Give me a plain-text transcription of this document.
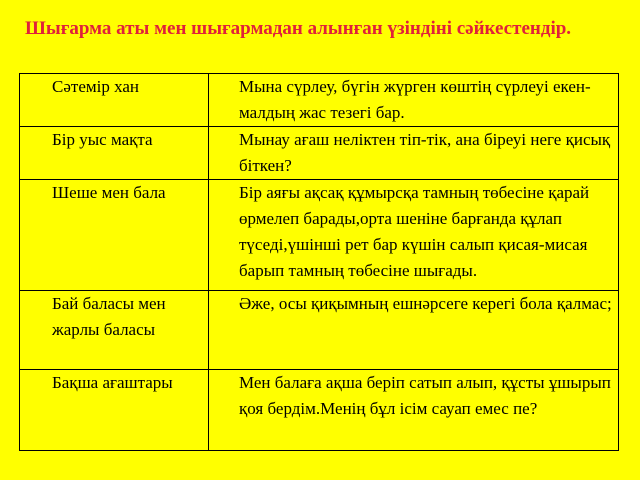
Шығарма аты мен шығармадан алынған үзіндіні сәйкестендір.
Сәтемір хан	Мына сүрлеу, бүгін жүрген көштің сүрлеуі екен-малдың жас тезегі бар.
Бір уыс мақта	Мынау ағаш неліктен тіп-тік, ана біреуі неге қисық біткен?
Шеше мен бала	Бір аяғы ақсақ құмырсқа тамның төбесіне қарай өрмелеп барады,орта шеніне барғанда құлап түседі,үшінші рет бар күшін салып қисая-мисая барып тамның төбесіне шығады.
Бай баласы мен жарлы баласы	Әже, осы қиқымның ешнәрсеге керегі бола қалмас;
Бақша ағаштары	Мен балаға ақша беріп сатып алып, құсты ұшырып қоя бердім.Менің бұл ісім сауап емес пе?
